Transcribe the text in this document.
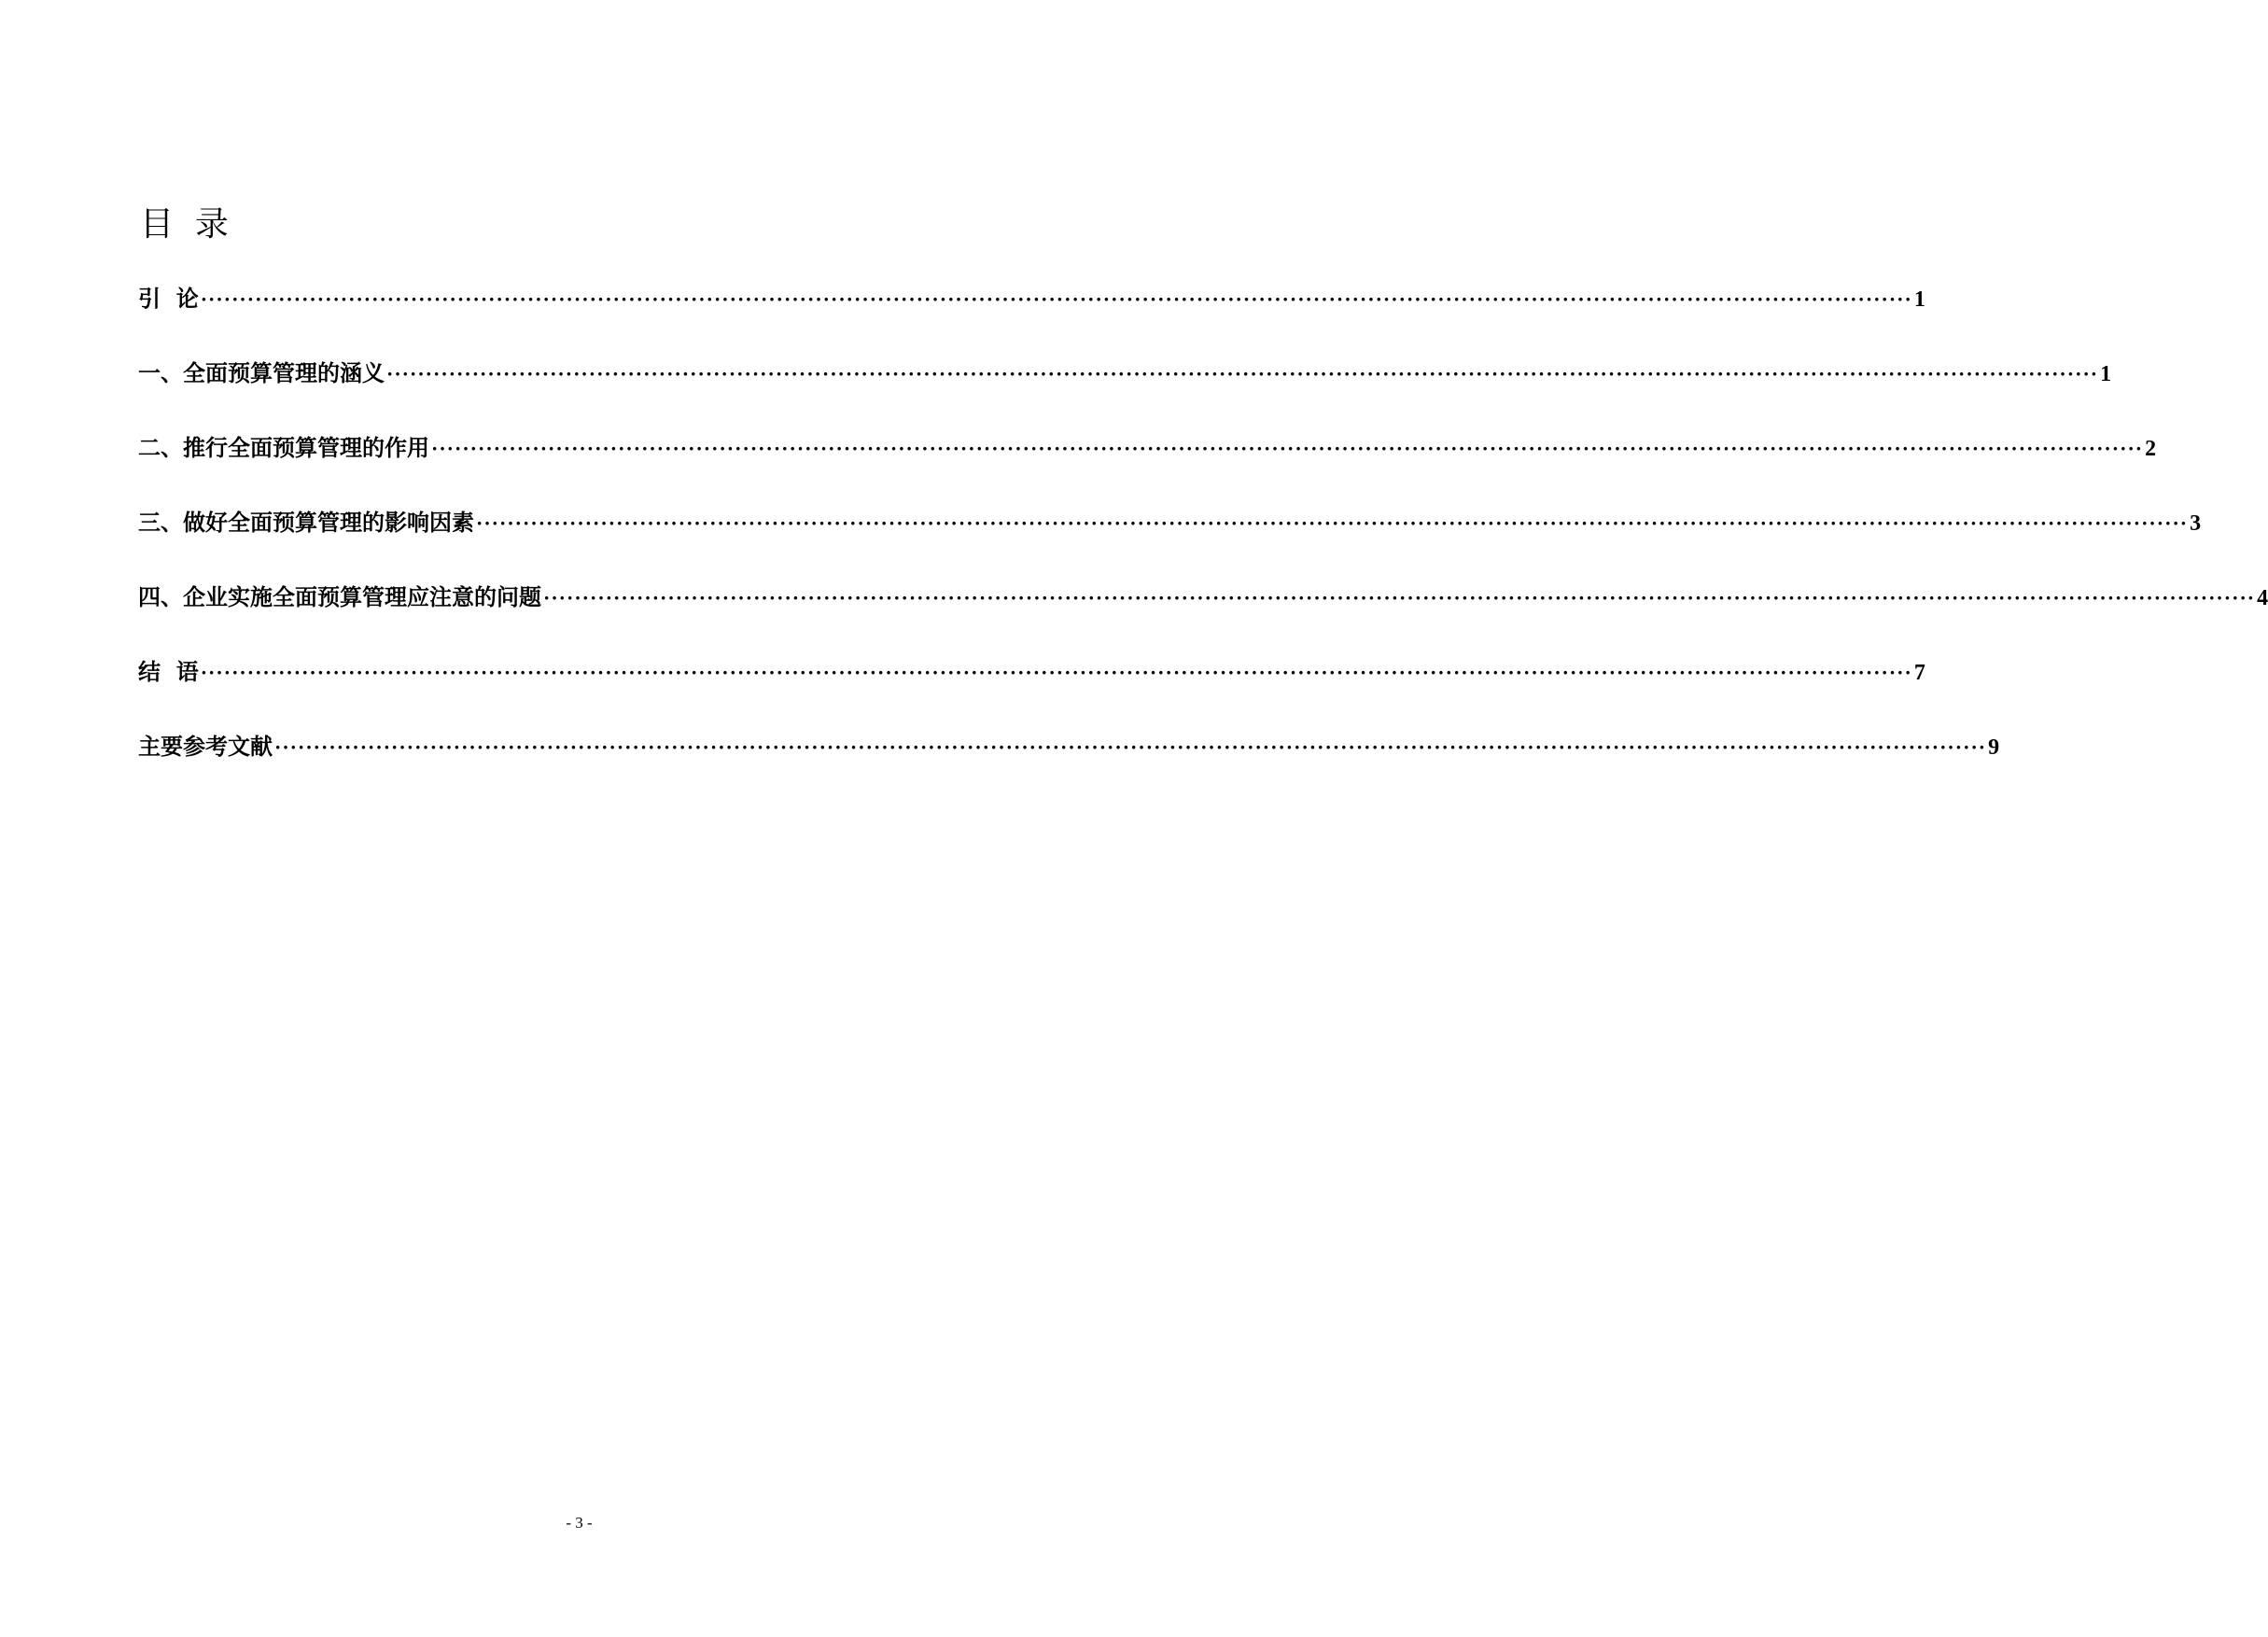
目  录
引  论 ···························································································································································································································· 1
一、全面预算管理的涵义 ···························································································································································································································· 1
二、推行全面预算管理的作用 ···························································································································································································································· 2
三、做好全面预算管理的影响因素 ···························································································································································································································· 3
四、企业实施全面预算管理应注意的问题 ···························································································································································································································· 4
结  语 ···························································································································································································································· 7
主要参考文献 ···························································································································································································································· 9
- 3 -
